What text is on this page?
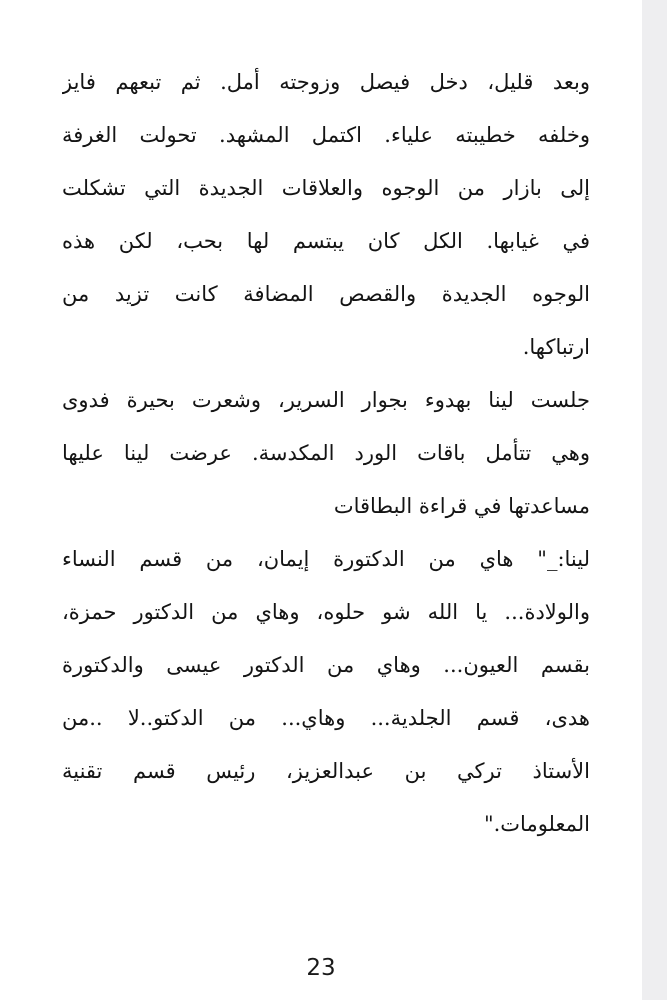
وبعد قليل، دخل فيصل وزوجته أمل. ثم تبعهم فايز
وخلفه خطيبته علياء. اكتمل المشهد. تحولت الغرفة
إلى بازار من الوجوه والعلاقات الجديدة التي تشكلت
في غيابها. الكل كان يبتسم لها بحب، لكن هذه
الوجوه الجديدة والقصص المضافة كانت تزيد من
ارتباكها.
جلست لينا بهدوء بجوار السرير، وشعرت بحيرة فدوى
وهي تتأمل باقات الورد المكدسة. عرضت لينا عليها
مساعدتها في قراءة البطاقات
لينا:_" هاي من الدكتورة إيمان، من قسم النساء
والولادة... يا الله شو حلوه، وهاي من الدكتور حمزة،
بقسم العيون... وهاي من الدكتور عيسى والدكتورة
هدى، قسم الجلدية... وهاي... من الدكتو..لا ..من
الأستاذ تركي بن عبدالعزيز، رئيس قسم تقنية
المعلومات."
23
